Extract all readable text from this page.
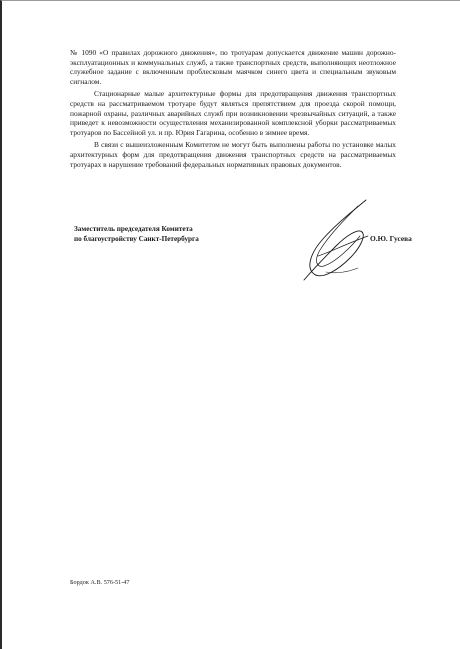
№ 1090 «О правилах дорожного движения», по тротуарам допускается движение машин дорожно-эксплуатационных и коммунальных служб, а также транспортных средств, выполняющих неотложное служебное задание с включенным проблесковым маячком синего цвета и специальным звуковым сигналом.

Стационарные малые архитектурные формы для предотвращения движения транспортных средств на рассматриваемом тротуаре будут являться препятствием для проезда скорой помощи, пожарной охраны, различных аварийных служб при возникновении чрезвычайных ситуаций, а также приведет к невозможности осуществления механизированной комплексной уборки рассматриваемых тротуаров по Бассейной ул. и пр. Юрия Гагарина, особенно в зимнее время.

В связи с вышеизложенным Комитетом не могут быть выполнены работы по установке малых архитектурных форм для предотвращения движения транспортных средств на рассматриваемых тротуарах в нарушение требований федеральных нормативных правовых документов.

Заместитель председателя Комитета
по благоустройству Санкт-Петербурга	О.Ю. Гусева
Бордок А.В. 576-51-47
